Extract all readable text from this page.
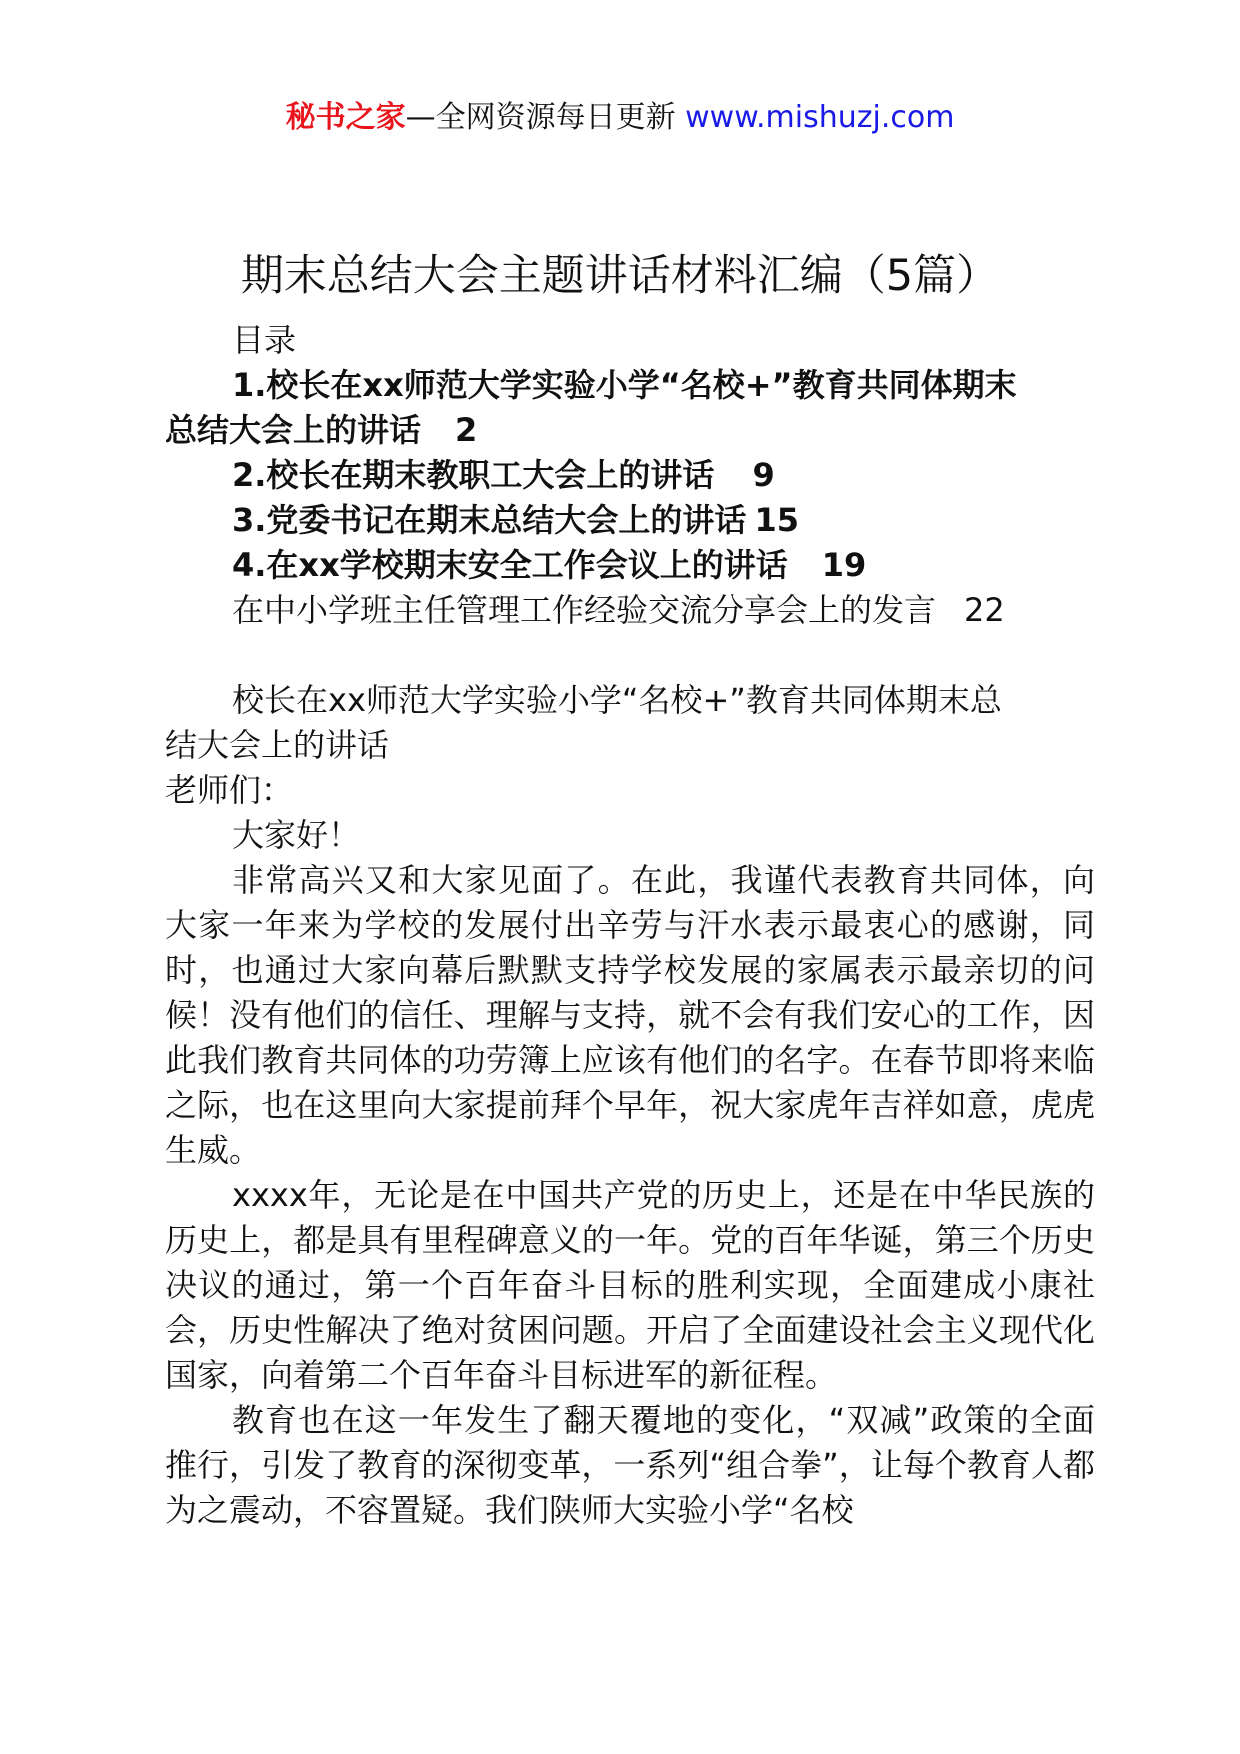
秘书之家—全网资源每日更新 www.mishuzj.com
期末总结大会主题讲话材料汇编（5篇）
目录
1.校长在xx师范大学实验小学“名校+”教育共同体期末
总结大会上的讲话 2
2.校长在期末教职工大会上的讲话 9
3.党委书记在期末总结大会上的讲话 15
4.在xx学校期末安全工作会议上的讲话 19
在中小学班主任管理工作经验交流分享会上的发言 22
校长在xx师范大学实验小学“名校+”教育共同体期末总
结大会上的讲话
老师们：
大家好！
非常高兴又和大家见面了。在此，我谨代表教育共同体，向大家一年来为学校的发展付出辛劳与汗水表示最衷心的感谢，同时，也通过大家向幕后默默支持学校发展的家属表示最亲切的问候！没有他们的信任、理解与支持，就不会有我们安心的工作，因此我们教育共同体的功劳簿上应该有他们的名字。在春节即将来临之际，也在这里向大家提前拜个早年，祝大家虎年吉祥如意，虎虎生威。
xxxx年，无论是在中国共产党的历史上，还是在中华民族的历史上，都是具有里程碑意义的一年。党的百年华诞，第三个历史决议的通过，第一个百年奋斗目标的胜利实现，全面建成小康社会，历史性解决了绝对贫困问题。开启了全面建设社会主义现代化国家，向着第二个百年奋斗目标进军的新征程。
教育也在这一年发生了翻天覆地的变化，“双减”政策的全面推行，引发了教育的深彻变革，一系列“组合拳”，让每个教育人都为之震动，不容置疑。我们陕师大实验小学“名校
